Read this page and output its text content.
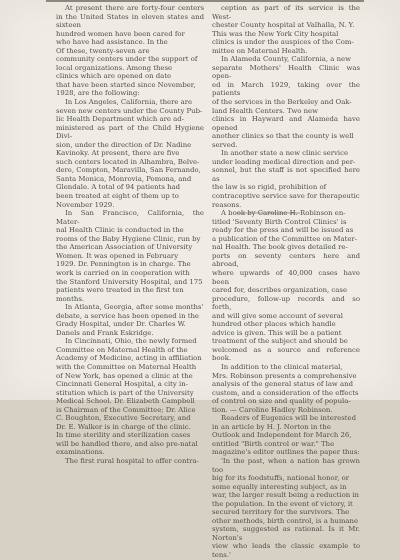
At present there are forty-four centers in the United States in eleven states and sixteen
hundred women have been cared for
who have had assistance. In the
Of these, twenty-seven are
community centers under the support of
local organizations. Among these
clinics which are opened on date
that have been started since November,
1928, are the following:

In Los Angeles, California, there are
seven new centers under the County Pub-
lic Health Department which are ad-
ministered as part of the Child Hygiene Divi-
sion, under the direction of Dr. Nadine
Kavinoky. At present, there are five
such centers located in Alhambra, Belve-
dere, Compton, Maravilla, San Fernando,
Santa Monica, Monrovia, Pomona, and
Glendale. A total of 94 patients had
been treated at eight of them up to
November 1929.

In San Francisco, California, the Mater-
nal Health Clinic is conducted in the
rooms of the Baby Hygiene Clinic, run by
the American Association of University
Women. It was opened in February
1929. Dr. Pennington is in charge. The
work is carried on in cooperation with
the Stanford University Hospital, and 175
patients were treated in the first ten
months.

In Atlanta, Georgia, after some months'
debate, a service has been opened in the
Grady Hospital, under Dr. Charles W.
Danels and Frank Eskridge.

In Cincinnati, Ohio, the newly formed
Committee on Maternal Health of the
Academy of Medicine, acting in affiliation
with the Committee on Maternal Health
of New York, has opened a clinic at the
Cincinnati General Hospital, a city in-
stitution which is part of the University
Medical School. Dr. Elizabeth Campbell
is Chairman of the Committee; Dr. Alice
C. Boughton, Executive Secretary, and
Dr. E. Walker is in charge of the clinic.
In time sterility and sterilization cases
will be handled there, and also pre-natal
examinations.

The first rural hospital to offer contra-

ception as part of its service is the West-
chester County hospital at Valhalla, N. Y.
This was the New York City hospital
clinics is under the auspices of the Com-
mittee on Maternal Health.

In Alameda County, California, a new
separate Mothers' Health Clinic was open-
ed in March 1929, taking over the patients
of the services in the Berkeley and Oak-
land Health Centers. Two new
clinics in Hayward and Alameda have opened
another clinics so that the county is well
served.

In another state a new clinic service
under leading medical direction and per-
sonnel, but the staff is not specified here as
the law is so rigid, prohibition of
contraceptive service save for therapeutic
reasons.

A book by Caroline H. Robinson en-
titled 'Seventy Birth Control Clinics' is
ready for the press and will be issued as
a publication of the Committee on Mater-
nal Health. The book gives detailed re-
ports on seventy centers here and abroad,
where upwards of 40,000 cases have been
cared for, describes organization, case
procedure, follow-up records and so forth,
and will give some account of several
hundred other places which handle
advice is given. This will be a patient
treatment of the subject and should be
welcomed as a source and reference book.

In addition to the clinical material,
Mrs. Robinson presents a comprehensive
analysis of the general status of law and
custom, and a consideration of the effects
of control on size and quality of popula-
tion. — Caroline Hadley Robinson.

Readers of Eugenics will be interested
in an article by H. J. Norton in the
Outlook and Independent for March 26,
entitled "Birth control or war." The
magazine's editor outlines the paper thus:

'In the past, when a nation has grown too
big for its foodstuffs, national honor, or
some equally interesting subject, as in
war, the larger result being a reduction in
the population. In the event of victory, it
secured territory for the survivors. The
other methods, birth control, is a humane
system, suggested as rational. Is it Mr. Norton's
view who leads the classic example to tens.'
